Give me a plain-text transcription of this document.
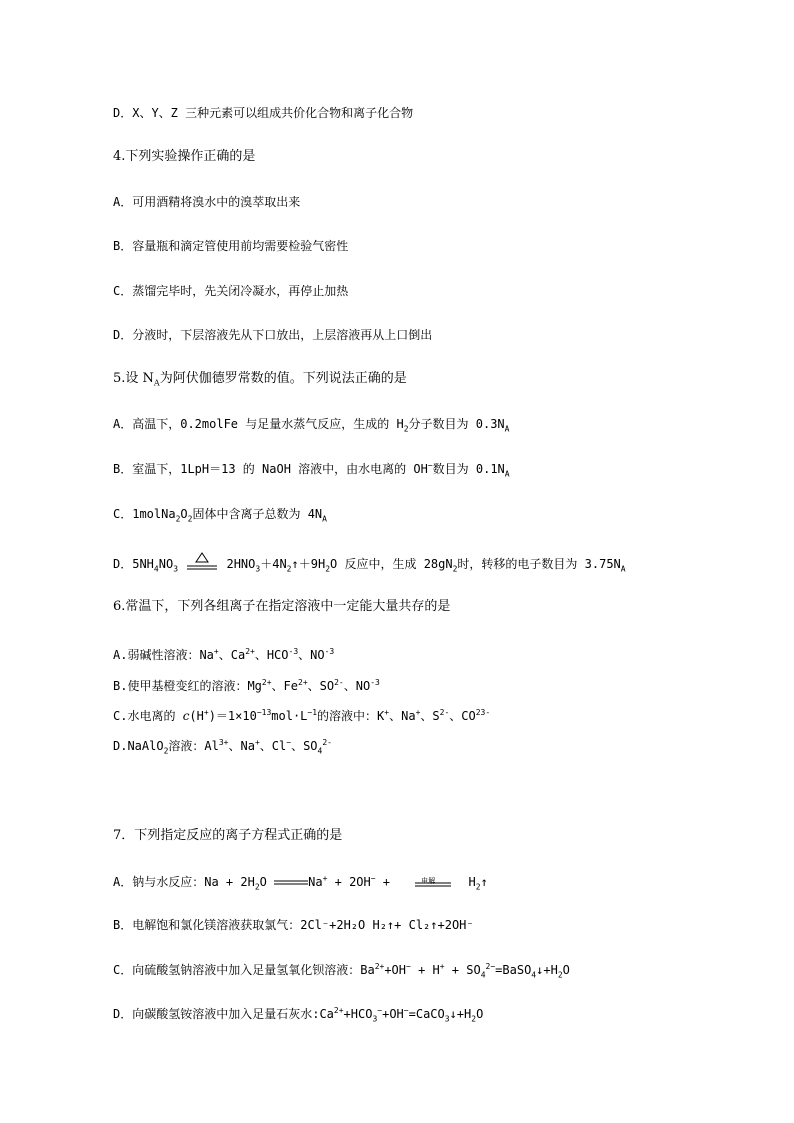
D．X、Y、Z 三种元素可以组成共价化合物和离子化合物

4.下列实验操作正确的是

A．可用酒精将溴水中的溴萃取出来

B．容量瓶和滴定管使用前均需要检验气密性

C．蒸馏完毕时，先关闭冷凝水，再停止加热

D．分液时，下层溶液先从下口放出，上层溶液再从上口倒出

5.设 $N_A$为阿伏伽德罗常数的值。下列说法正确的是

A．高温下，0.2molFe 与足量水蒸气反应，生成的 $H_2$分子数目为 $0.3N_A$

B．室温下，1LpH＝13 的 NaOH 溶液中，由水电离的 OH−数目为 $0.1N_A$

C．$1molNa_2O_2$固体中含离子总数为 $4N_A$

D．$5NH_4NO_3$	$2HNO_3+4N_2↑+9H_2O$ 反应中，生成 $28gN_2$时，转移的电子数目为 $3.75N_A$

6.常温下，下列各组离子在指定溶液中一定能大量共存的是

A.弱碱性溶液：Na+、$Ca^{2+}$、$HCO^{-3}$、$NO^{-3}$

B.使甲基橙变红的溶液：$Mg^{2+}$、$Fe^{2+}$、$SO^{2-}$、$NO^{-3}$

C.水电离的 $c(H^+)=1\times 10^{-13}mol\cdot L^{-1}$的溶液中：K+、Na+、$S^{2-}$、$CO^{23-}$

D.NaAlO$_2$溶液：$Al^{3+}$、Na+、Cl−、$SO_4^{2-}$

7．下列指定反应的离子方程式正确的是

A．钠与水反应：$Na + 2H_2O$	Na+ + 2OH− +	电解	$H_2↑$

B．电解饱和氯化镁溶液获取氯气：2Cl⁻+2H₂O H₂↑+ Cl₂↑+2OH⁻

C．向硫酸氢钠溶液中加入足量氢氧化钡溶液：$Ba^{2+}+OH^- + H^+$ + $SO_4^{2-}=BaSO_4↓+H_2O$

D．向碳酸氢铵溶液中加入足量石灰水$:Ca^{2+}+HCO_3^-+OH^-=CaCO_3↓+H_2O$
